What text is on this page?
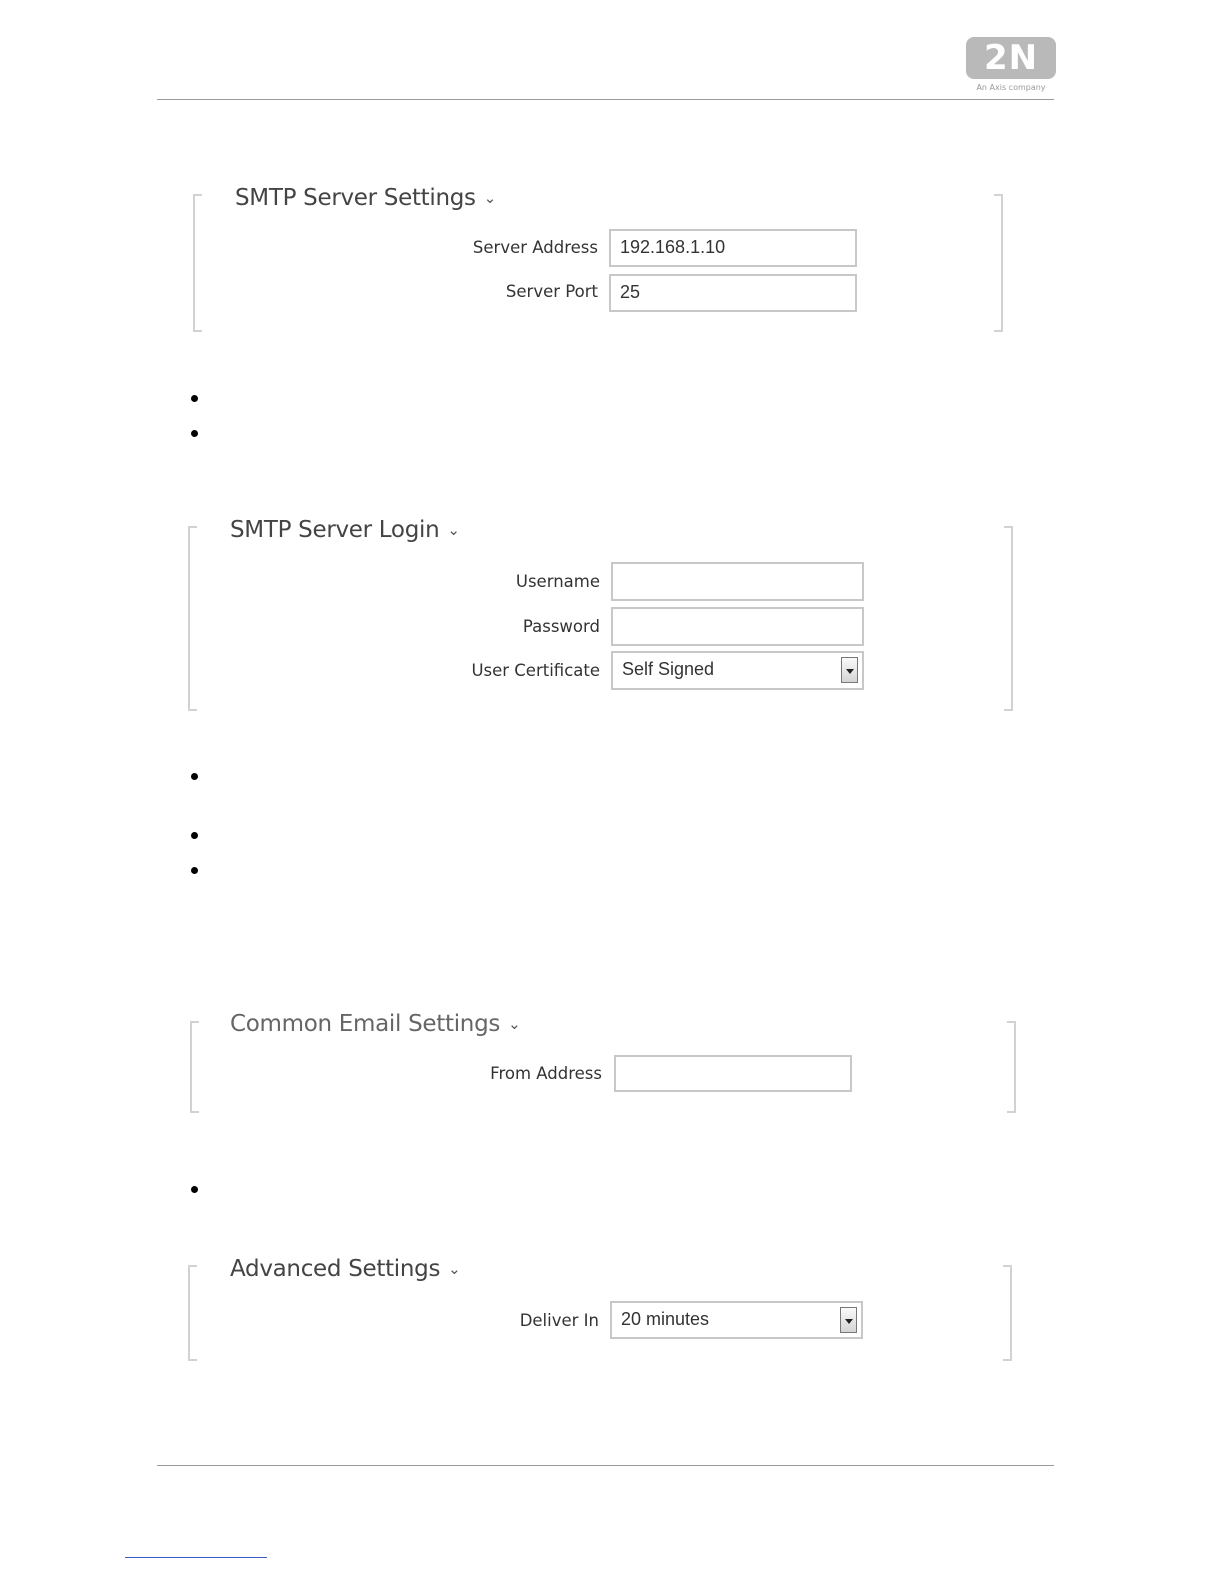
2N
An Axis company
SMTP Server Settings ⌄
Server Address	192.168.1.10
Server Port	25
SMTP Server Login ⌄
Username
Password
User Certificate	Self Signed
Common Email Settings ⌄
From Address
Advanced Settings ⌄
Deliver In	20 minutes
